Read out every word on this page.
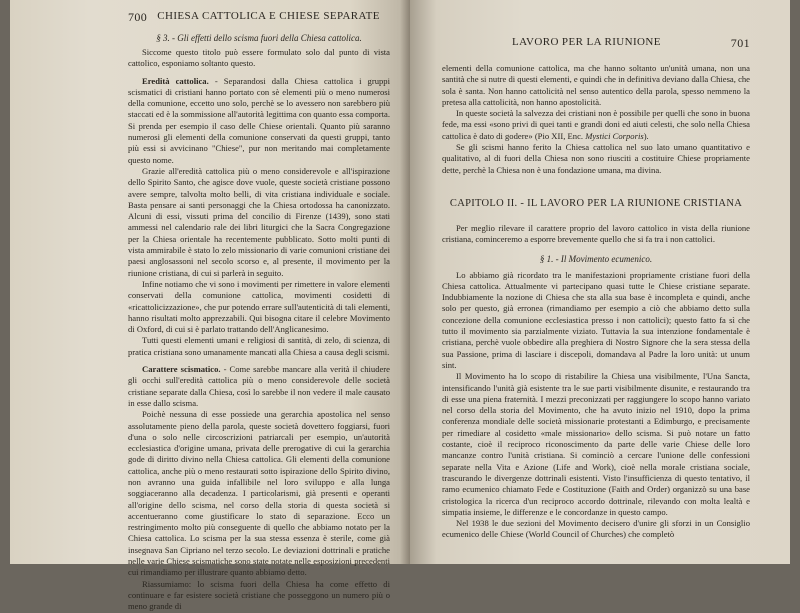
700 CHIESA CATTOLICA E CHIESE SEPARATE

§ 3. - Gli effetti dello scisma fuori della Chiesa cattolica.

Siccome questo titolo può essere formulato solo dal punto di vista cattolico, esponiamo soltanto questo.

Eredità cattolica. - Separandosi dalla Chiesa cattolica i gruppi scismatici di cristiani hanno portato con sè elementi più o meno numerosi della comunione, eccetto uno solo, perchè se lo avessero non sarebbero più staccati ed è la sommissione all'autorità legittima con quanto essa comporta. Si prenda per esempio il caso delle Chiese orientali. Quanto più saranno numerosi gli elementi della comunione conservati da questi gruppi, tanto più essi si avvicinano "Chiese", pur non meritando mai completamente questo nome.

Grazie all'eredità cattolica più o meno considerevole e all'ispirazione dello Spirito Santo, che agisce dove vuole, queste società cristiane possono avere sempre, talvolta molto belli, di vita cristiana individuale e sociale. Basta pensare ai santi personaggi che la Chiesa ortodossa ha canonizzato. Alcuni di essi, vissuti prima del concilio di Firenze (1439), sono stati ammessi nel calendario rale dei libri liturgici che la Sacra Congregazione per la Chiesa orientale ha recentemente pubblicato. Sotto molti punti di vista ammirabile è stato lo zelo missionario di varie comunioni cristiane dei paesi anglosassoni nel secolo scorso e, al presente, il movimento per la riunione cristiana, di cui si parlerà in seguito.

Infine notiamo che vi sono i movimenti per rimettere in valore elementi conservati della comunione cattolica, movimenti cosidetti di «ricattolicizzazione», che pur potendo errare sull'autenticità di tali elementi, hanno risultati molto apprezzabili. Qui bisogna citare il celebre Movimento di Oxford, di cui si è parlato trattando dell'Anglicanesimo.

Tutti questi elementi umani e religiosi di santità, di zelo, di scienza, di pratica cristiana sono umanamente mancati alla Chiesa a causa degli scismi.

Carattere scismatico. - Come sarebbe mancare alla verità il chiudere gli occhi sull'eredità cattolica più o meno considerevole delle società cristiane separate dalla Chiesa, così lo sarebbe il non vedere il male causato in esse dallo scisma.

Poichè nessuna di esse possiede una gerarchia apostolica nel senso assolutamente pieno della parola, queste società dovettero foggiarsi, fuori d'una o solo nelle circoscrizioni patriarcali per esempio, un'autorità ecclesiastica d'origine umana, privata delle prerogative di cui la gerarchia gode di diritto divino nella Chiesa cattolica. Gli elementi della comunione cattolica, anche più o meno restaurati sotto ispirazione dello Spirito divino, non avranno una guida infallibile nel loro sviluppo e alla lunga soggiaceranno alla decadenza. I particolarismi, già presenti e operanti all'origine dello scisma, nel corso della storia di questa società si accentueranno come giustificare lo stato di separazione. Ecco un restringimento molto più conseguente di quello che abbiamo notato per la Chiesa cattolica. Lo scisma per la sua stessa essenza è sterile, come già insegnava San Cipriano nel terzo secolo. Le deviazioni dottrinali e pratiche nelle varie Chiese scismatiche sono state notate nelle esposizioni precedenti cui rimandiamo per illustrare quanto abbiamo detto.

Riassumiamo: lo scisma fuori della Chiesa ha come effetto di continuare e far esistere società cristiane che posseggono un numero più o meno grande di

LAVORO PER LA RIUNIONE	701

elementi della comunione cattolica, ma che hanno soltanto un'unità umana, non una santità che si nutre di questi elementi, e quindi che in definitiva deviano dalla Chiesa, che sola è santa. Non hanno cattolicità nel senso autentico della parola, spesso nemmeno la pretesa alla cattolicità, non hanno apostolicità.

In queste società la salvezza dei cristiani non è possibile per quelli che sono in buona fede, ma essi «sono privi di quei tanti e grandi doni ed aiuti celesti, che solo nella Chiesa cattolica è dato di godere» (Pio XII, Enc. Mystici Corporis).

Se gli scismi hanno ferito la Chiesa cattolica nel suo lato umano quantitativo e qualitativo, al di fuori della Chiesa non sono riusciti a costituire Chiese propriamente dette, perchè la Chiesa non è una fondazione umana, ma divina.

CAPITOLO II. - IL LAVORO PER LA RIUNIONE CRISTIANA

Per meglio rilevare il carattere proprio del lavoro cattolico in vista della riunione cristiana, cominceremo a esporre brevemente quello che si fa tra i non cattolici.

§ 1. - Il Movimento ecumenico.

Lo abbiamo già ricordato tra le manifestazioni propriamente cristiane fuori della Chiesa cattolica. Attualmente vi partecipano quasi tutte le Chiese cristiane separate. Indubbiamente la nozione di Chiesa che sta alla sua base è incompleta e quindi, anche solo per questo, già erronea (rimandiamo per esempio a ciò che abbiamo detto sulla concezione della comunione ecclesiastica presso i non cattolici); questo fatto fa sì che tutto il movimento sia parzialmente viziato. Tuttavia la sua intenzione fondamentale è cristiana, perchè vuole obbedire alla preghiera di Nostro Signore che la sera stessa della sua Passione, prima di lasciare i discepoli, domandava al Padre la loro unità: ut unum sint.

Il Movimento ha lo scopo di ristabilire la Chiesa una visibilmente, l'Una Sancta, intensificando l'unità già esistente tra le sue parti visibilmente disunite, e restaurando tra di esse una piena fraternità. I mezzi preconizzati per raggiungere lo scopo hanno variato nel corso della storia del Movimento, che ha avuto inizio nel 1910, dopo la prima conferenza mondiale delle società missionarie protestanti a Edimburgo, e precisamente per rimediare al cosidetto «male missionario» dello scisma. Si può notare un fatto costante, cioè il reciproco riconoscimento da parte delle varie Chiese delle loro mancanze contro l'unità cristiana. Si cominciò a cercare l'unione delle confessioni separate nella Vita e Azione (Life and Work), cioè nella morale cristiana sociale, trascurando le divergenze dottrinali esistenti. Visto l'insufficienza di questo tentativo, il ramo ecumenico chiamato Fede e Costituzione (Faith and Order) organizzò su una base cristologica la ricerca d'un reciproco accordo dottrinale, rilevando con molta lealtà e simpatia insieme, le differenze e le concordanze in questo campo.

Nel 1938 le due sezioni del Movimento decisero d'unire gli sforzi in un Consiglio ecumenico delle Chiese (World Council of Churches) che completò
